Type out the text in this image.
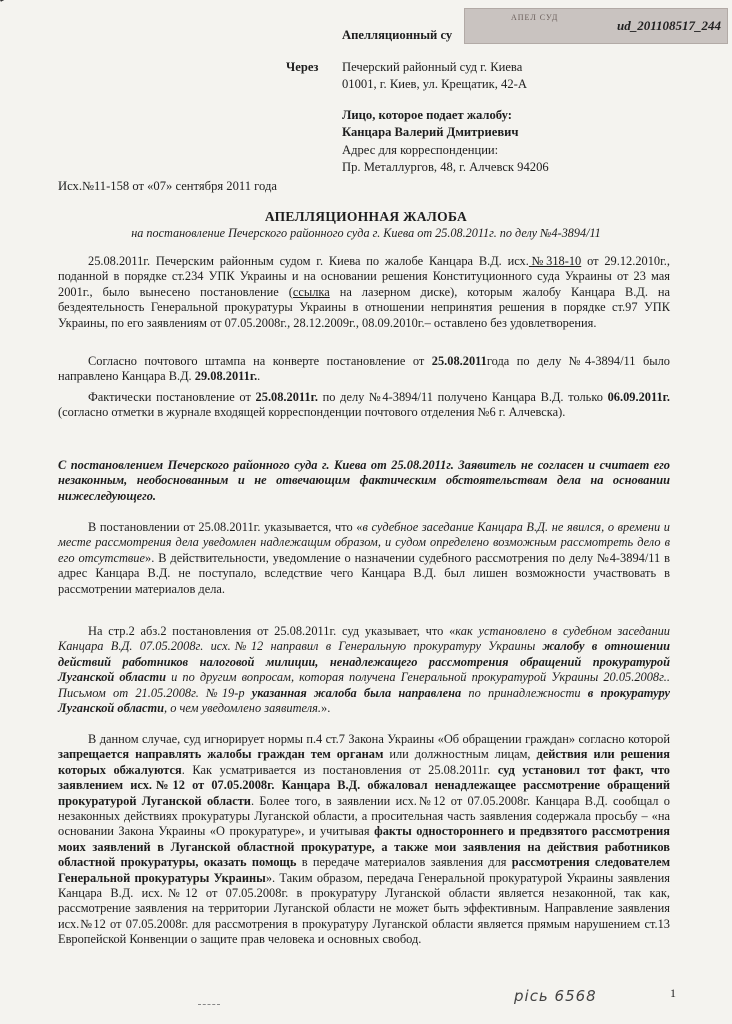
АПЕЛ СУД
ud_201108517_244
Апелляционный су
Через Печерский районный суд г. Киева
01001, г. Киев, ул. Крещатик, 42-А
Лицо, которое подает жалобу:
Канцара Валерий Дмитриевич
Адрес для корреспонденции:
Пр. Металлургов, 48, г. Алчевск 94206
Исх.№11-158 от «07» сентября 2011 года
АПЕЛЛЯЦИОННАЯ ЖАЛОБА
на постановление Печерского районного суда г. Киева от 25.08.2011г. по делу №4-3894/11
25.08.2011г. Печерским районным судом г. Киева по жалобе Канцара В.Д. исх.№318-10 от 29.12.2010г., поданной в порядке ст.234 УПК Украины и на основании решения Конституционного суда Украины от 23 мая 2001г., было вынесено постановление (ссылка на лазерном диске), которым жалобу Канцара В.Д. на бездеятельность Генеральной прокуратуры Украины в отношении непринятия решения в порядке ст.97 УПК Украины, по его заявлениям от 07.05.2008г., 28.12.2009г., 08.09.2010г.– оставлено без удовлетворения.
Согласно почтового штампа на конверте постановление от 25.08.2011года по делу №4-3894/11 было направлено Канцара В.Д. 29.08.2011г..
Фактически постановление от 25.08.2011г. по делу №4-3894/11 получено Канцара В.Д. только 06.09.2011г. (согласно отметки в журнале входящей корреспонденции почтового отделения №6 г. Алчевска).
С постановлением Печерского районного суда г. Киева от 25.08.2011г. Заявитель не согласен и считает его незаконным, необоснованным и не отвечающим фактическим обстоятельствам дела на основании нижеследующего.
В постановлении от 25.08.2011г. указывается, что «в судебное заседание Канцара В.Д. не явился, о времени и месте рассмотрения дела уведомлен надлежащим образом, и судом определено возможным рассмотреть дело в его отсутствие». В действительности, уведомление о назначении судебного рассмотрения по делу №4-3894/11 в адрес Канцара В.Д. не поступало, вследствие чего Канцара В.Д. был лишен возможности участвовать в рассмотрении материалов дела.
На стр.2 абз.2 постановления от 25.08.2011г. суд указывает, что «как установлено в судебном заседании Канцара В.Д. 07.05.2008г. исх.№12 направил в Генеральную прокуратуру Украины жалобу в отношении действий работников налоговой милиции, ненадлежащего рассмотрения обращений прокуратурой Луганской области и по другим вопросам, которая получена Генеральной прокуратурой Украины 20.05.2008г.. Письмом от 21.05.2008г. №19-р указанная жалоба была направлена по принадлежности в прокуратуру Луганской области, о чем уведомлено заявителя.».
В данном случае, суд игнорирует нормы п.4 ст.7 Закона Украины «Об обращении граждан» согласно которой запрещается направлять жалобы граждан тем органам или должностным лицам, действия или решения которых обжалуются. Как усматривается из постановления от 25.08.2011г. суд установил тот факт, что заявлением исх.№12 от 07.05.2008г. Канцара В.Д. обжаловал ненадлежащее рассмотрение обращений прокуратурой Луганской области. Более того, в заявлении исх.№12 от 07.05.2008г. Канцара В.Д. сообщал о незаконных действиях прокуратуры Луганской области, а просительная часть заявления содержала просьбу – «на основании Закона Украины «О прокуратуре», и учитывая факты одностороннего и предвзятого рассмотрения моих заявлений в Луганской областной прокуратуре, а также мои заявления на действия работников областной прокуратуры, оказать помощь в передаче материалов заявления для рассмотрения следователем Генеральной прокуратуры Украины». Таким образом, передача Генеральной прокуратурой Украины заявления Канцара В.Д. исх.№12 от 07.05.2008г. в прокуратуру Луганской области является незаконной, так как, рассмотрение заявления на территории Луганской области не может быть эффективным. Направление заявления исх.№12 от 07.05.2008г. для рассмотрения в прокуратуру Луганской области является прямым нарушением ст.13 Европейской Конвенции о защите прав человека и основных свобод.
рісь 6568	1
